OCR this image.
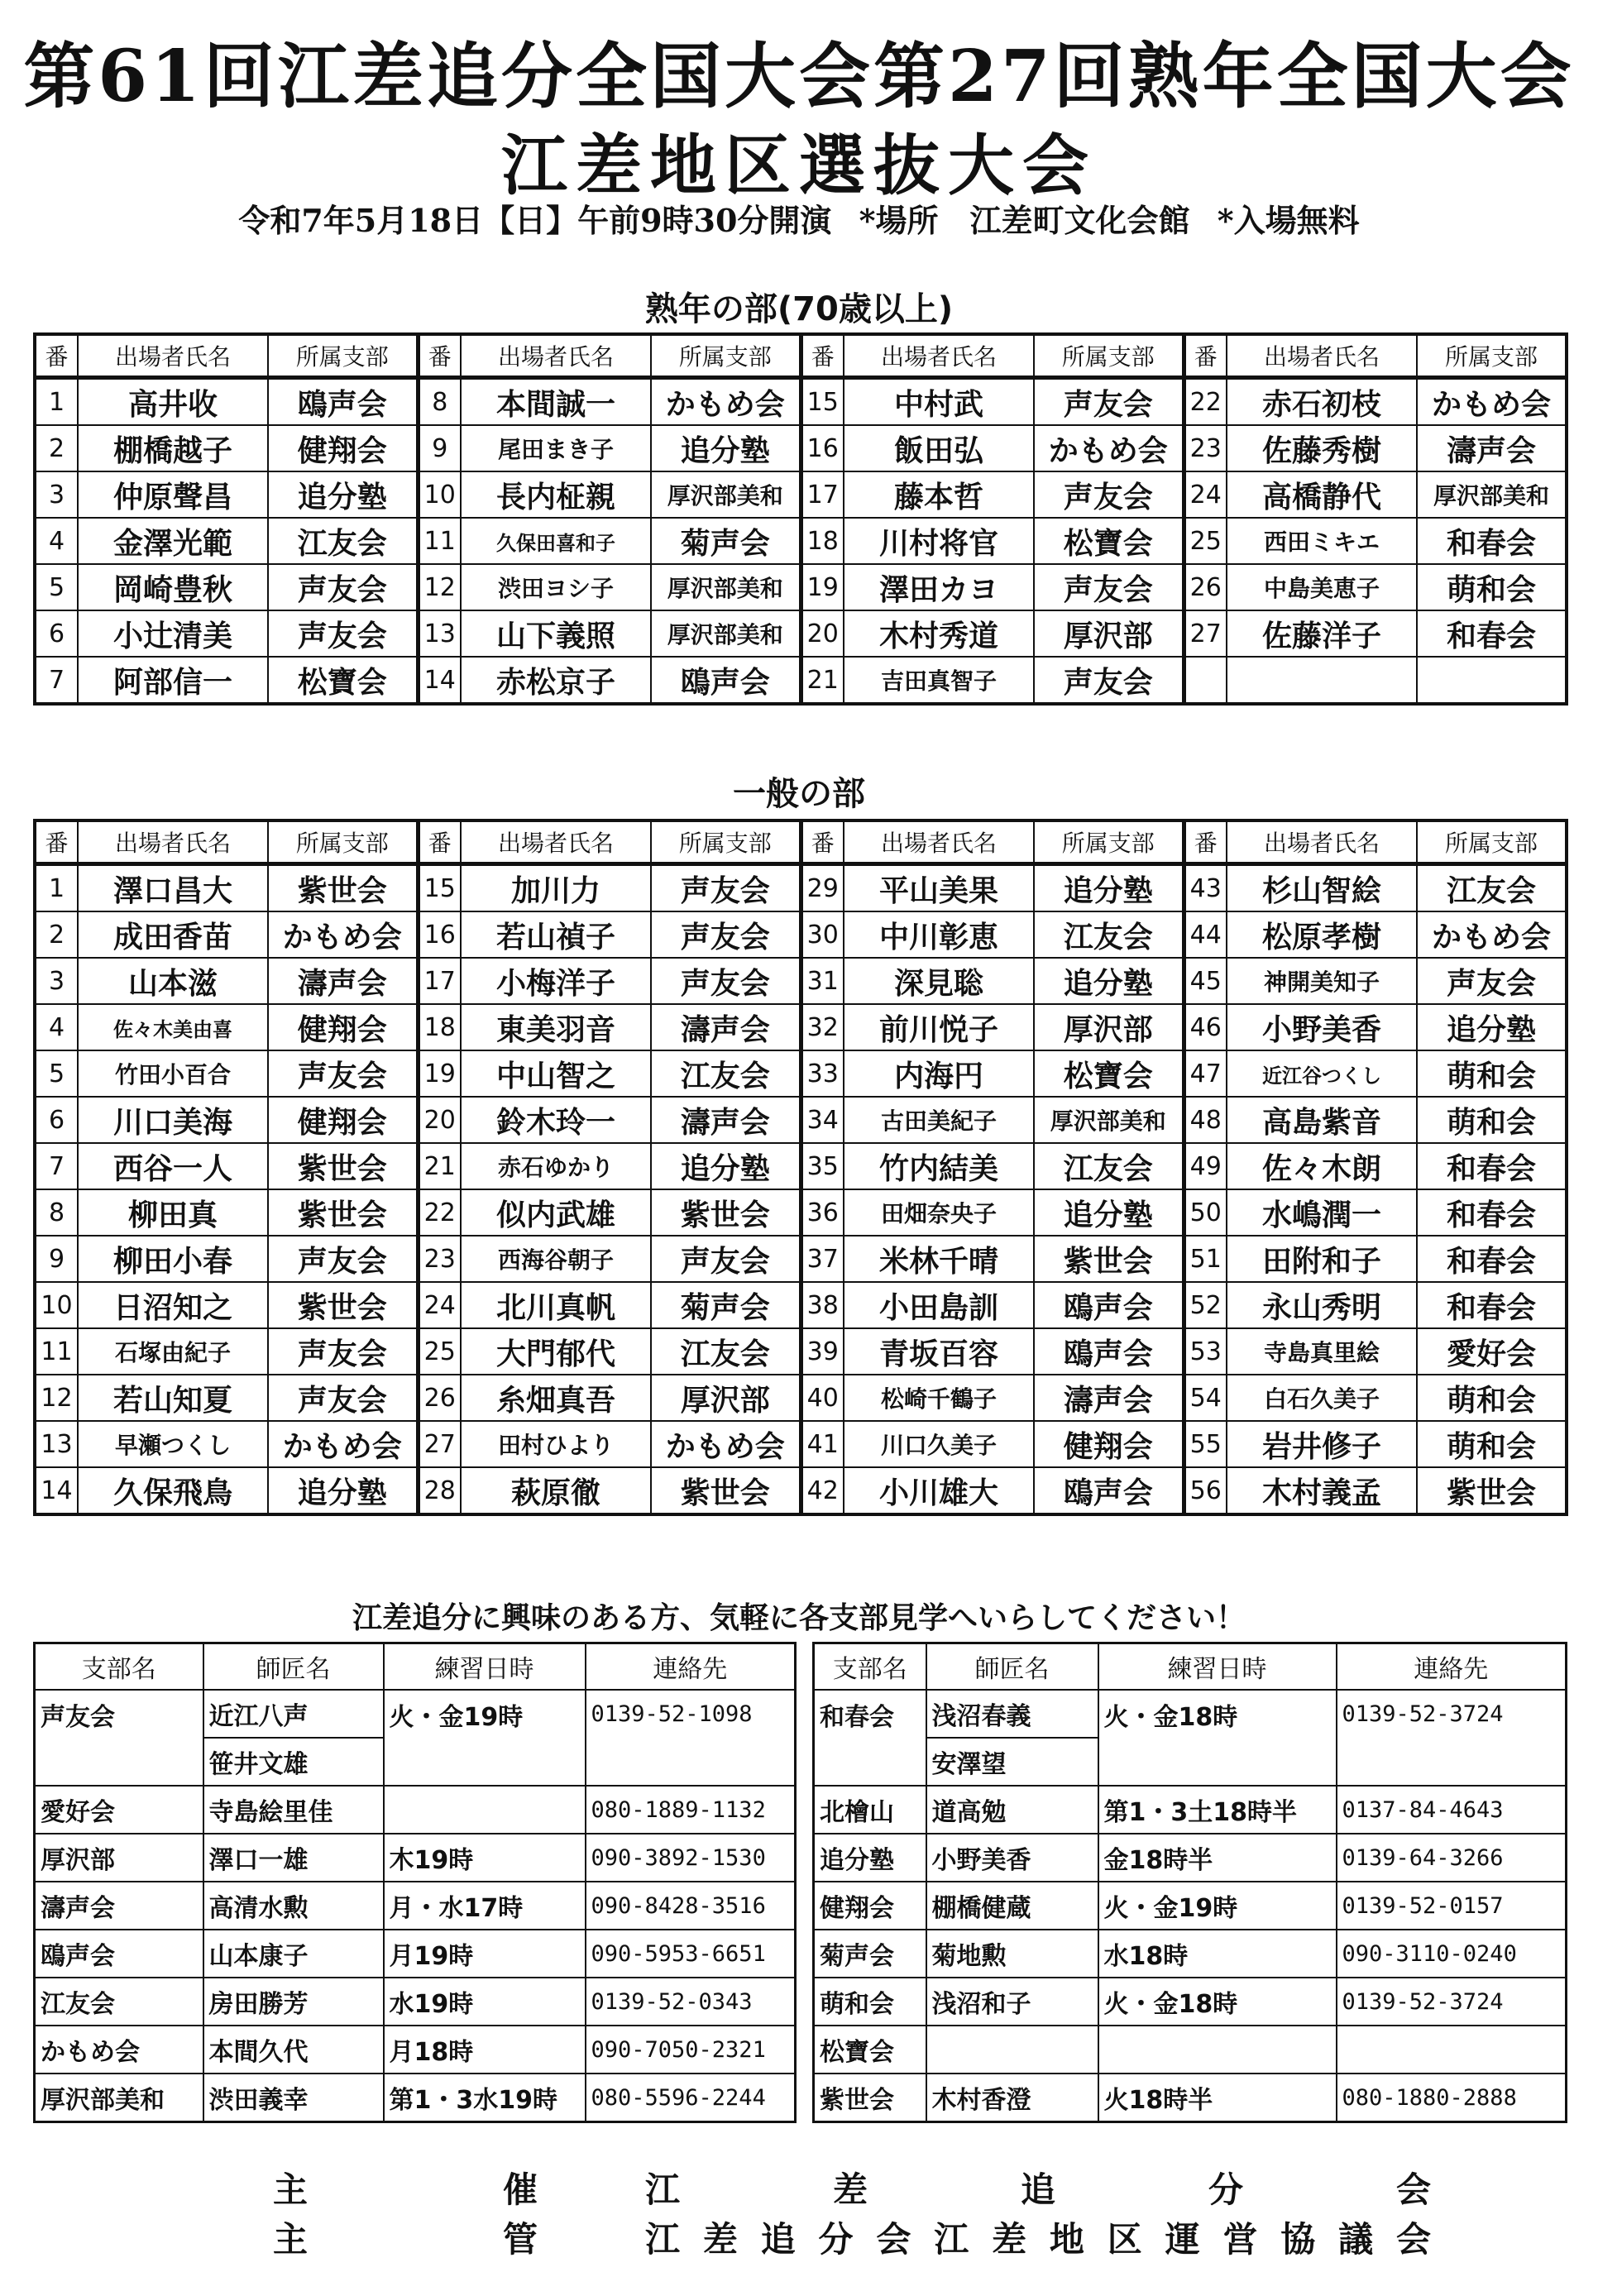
第61回江差追分全国大会第27回熟年全国大会
江差地区選抜大会
令和7年5月18日【日】午前9時30分開演 *場所　江差町文化会館 *入場無料
熟年の部(70歳以上)
番	出場者氏名	所属支部	番	出場者氏名	所属支部	番	出場者氏名	所属支部	番	出場者氏名	所属支部
1	高井收	鴎声会	8	本間誠一	かもめ会	15	中村武	声友会	22	赤石初枝	かもめ会
2	棚橋越子	健翔会	9	尾田まき子	追分塾	16	飯田弘	かもめ会	23	佐藤秀樹	濤声会
3	仲原聲昌	追分塾	10	長内柾親	厚沢部美和	17	藤本哲	声友会	24	高橋静代	厚沢部美和
4	金澤光範	江友会	11	久保田喜和子	菊声会	18	川村将官	松寶会	25	西田ミキエ	和春会
5	岡崎豊秋	声友会	12	渋田ヨシ子	厚沢部美和	19	澤田カヨ	声友会	26	中島美恵子	萌和会
6	小辻清美	声友会	13	山下義照	厚沢部美和	20	木村秀道	厚沢部	27	佐藤洋子	和春会
7	阿部信一	松寶会	14	赤松京子	鴎声会	21	吉田真智子	声友会			
一般の部
番	出場者氏名	所属支部	番	出場者氏名	所属支部	番	出場者氏名	所属支部	番	出場者氏名	所属支部
1	澤口昌大	紫世会	15	加川力	声友会	29	平山美果	追分塾	43	杉山智絵	江友会
2	成田香苗	かもめ会	16	若山禎子	声友会	30	中川彰恵	江友会	44	松原孝樹	かもめ会
3	山本滋	濤声会	17	小梅洋子	声友会	31	深見聡	追分塾	45	神開美知子	声友会
4	佐々木美由喜	健翔会	18	東美羽音	濤声会	32	前川悦子	厚沢部	46	小野美香	追分塾
5	竹田小百合	声友会	19	中山智之	江友会	33	内海円	松寶会	47	近江谷つくし	萌和会
6	川口美海	健翔会	20	鈴木玲一	濤声会	34	古田美紀子	厚沢部美和	48	高島紫音	萌和会
7	西谷一人	紫世会	21	赤石ゆかり	追分塾	35	竹内結美	江友会	49	佐々木朗	和春会
8	柳田真	紫世会	22	似内武雄	紫世会	36	田畑奈央子	追分塾	50	水嶋潤一	和春会
9	柳田小春	声友会	23	西海谷朝子	声友会	37	米林千晴	紫世会	51	田附和子	和春会
10	日沼知之	紫世会	24	北川真帆	菊声会	38	小田島訓	鴎声会	52	永山秀明	和春会
11	石塚由紀子	声友会	25	大門郁代	江友会	39	青坂百容	鴎声会	53	寺島真里絵	愛好会
12	若山知夏	声友会	26	糸畑真吾	厚沢部	40	松崎千鶴子	濤声会	54	白石久美子	萌和会
13	早瀬つくし	かもめ会	27	田村ひより	かもめ会	41	川口久美子	健翔会	55	岩井修子	萌和会
14	久保飛鳥	追分塾	28	萩原徹	紫世会	42	小川雄大	鴎声会	56	木村義孟	紫世会
江差追分に興味のある方、気軽に各支部見学へいらしてください！
支部名	師匠名	練習日時	連絡先
声友会	近江八声	火・金19時	0139-52-1098
	笹井文雄		
愛好会	寺島絵里佳		080-1889-1132
厚沢部	澤口一雄	木19時	090-3892-1530
濤声会	高清水勲	月・水17時	090-8428-3516
鴎声会	山本康子	月19時	090-5953-6651
江友会	房田勝芳	水19時	0139-52-0343
かもめ会	本間久代	月18時	090-7050-2321
厚沢部美和	渋田義幸	第1・3水19時	080-5596-2244
支部名	師匠名	練習日時	連絡先
和春会	浅沼春義	火・金18時	0139-52-3724
	安澤望		
北檜山	道高勉	第1・3土18時半	0137-84-4643
追分塾	小野美香	金18時半	0139-64-3266
健翔会	棚橋健蔵	火・金19時	0139-52-0157
菊声会	菊地勲	水18時	090-3110-0240
萌和会	浅沼和子	火・金18時	0139-52-3724
松寶会			
紫世会	木村香澄	火18時半	080-1880-2888
主	催	江	差	追	分	会
主	管	江 差 追 分 会 江 差 地 区 運 営 協 議 会
